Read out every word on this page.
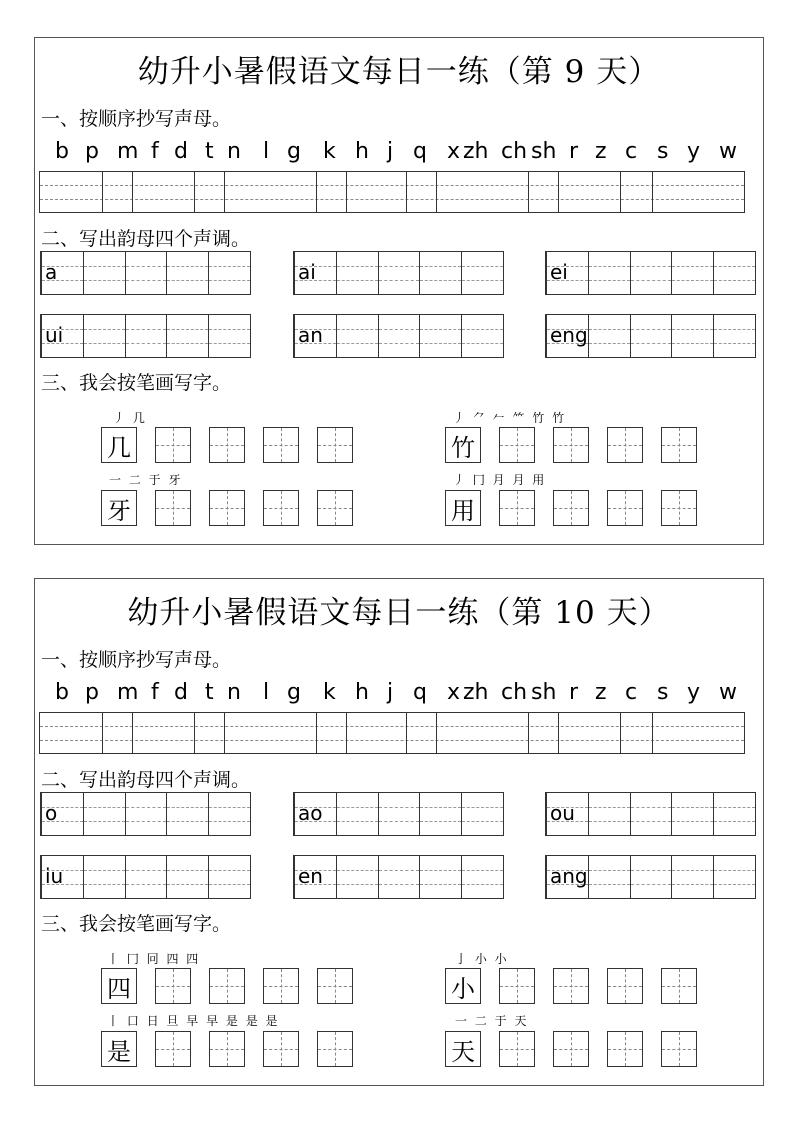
幼升小暑假语文每日一练（第 9 天）
一、按顺序抄写声母。
b p m f d t n l g k h j q x zh ch sh r z c s y w
二、写出韵母四个声调。
a	ai	ei
ui	an	eng
三、我会按笔画写字。
丿 几
几
丿 ⺈ 𠂉 ⺮ 竹 竹
竹
一 二 于 牙
牙
丿 冂 月 月 用
用
幼升小暑假语文每日一练（第 10 天）
一、按顺序抄写声母。
b p m f d t n l g k h j q x zh ch sh r z c s y w
二、写出韵母四个声调。
o	ao	ou
iu	en	ang
三、我会按笔画写字。
丨 冂 冋 四 四
四
亅 小 小
小
丨 口 日 旦 早 早 是 是 是
是
一 二 于 天
天
